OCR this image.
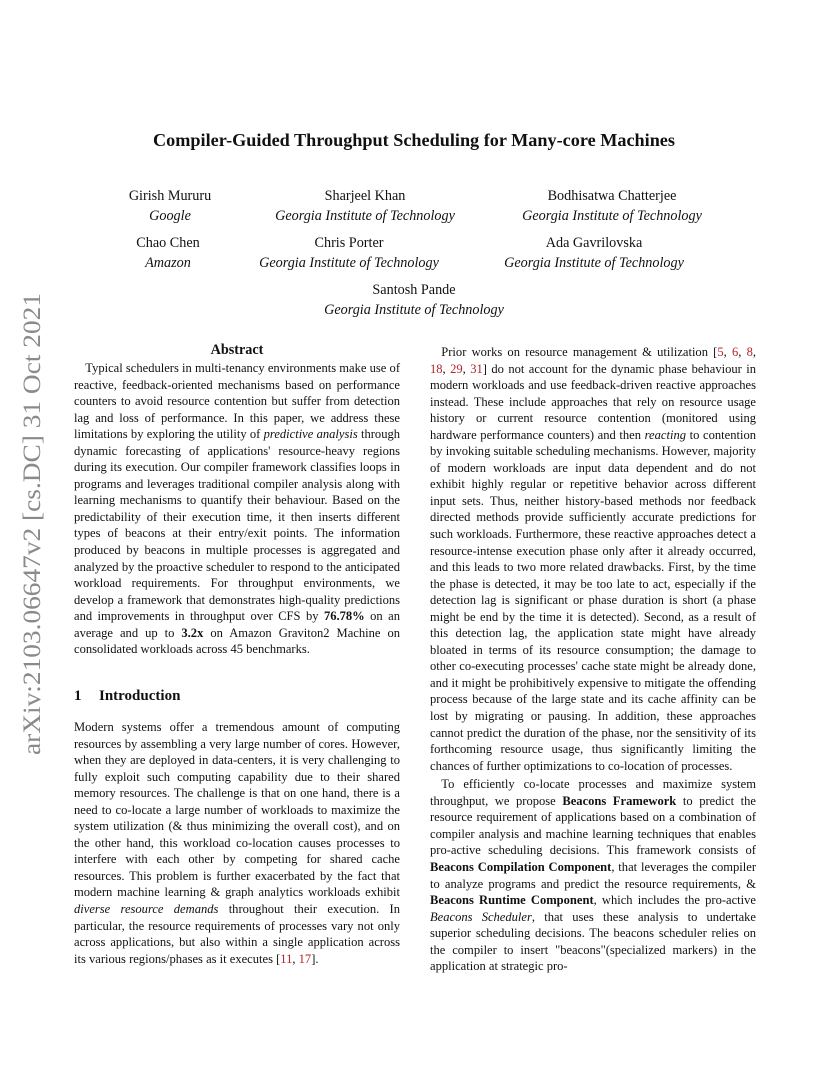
arXiv:2103.06647v2 [cs.DC] 31 Oct 2021
Compiler-Guided Throughput Scheduling for Many-core Machines
Girish Mururu
Google
Sharjeel Khan
Georgia Institute of Technology
Bodhisatwa Chatterjee
Georgia Institute of Technology
Chao Chen
Amazon
Chris Porter
Georgia Institute of Technology
Ada Gavrilovska
Georgia Institute of Technology
Santosh Pande
Georgia Institute of Technology
Abstract

Typical schedulers in multi-tenancy environments make use of reactive, feedback-oriented mechanisms based on performance counters to avoid resource contention but suffer from detection lag and loss of performance. In this paper, we address these limitations by exploring the utility of predictive analysis through dynamic forecasting of applications' resource-heavy regions during its execution. Our compiler framework classifies loops in programs and leverages traditional compiler analysis along with learning mechanisms to quantify their behaviour. Based on the predictability of their execution time, it then inserts different types of beacons at their entry/exit points. The information produced by beacons in multiple processes is aggregated and analyzed by the proactive scheduler to respond to the anticipated workload requirements. For throughput environments, we develop a framework that demonstrates high-quality predictions and improvements in throughput over CFS by 76.78% on an average and up to 3.2x on Amazon Graviton2 Machine on consolidated workloads across 45 benchmarks.

1 Introduction

Modern systems offer a tremendous amount of computing resources by assembling a very large number of cores. However, when they are deployed in data-centers, it is very challenging to fully exploit such computing capability due to their shared memory resources. The challenge is that on one hand, there is a need to co-locate a large number of workloads to maximize the system utilization (& thus minimizing the overall cost), and on the other hand, this workload co-location causes processes to interfere with each other by competing for shared cache resources. This problem is further exacerbated by the fact that modern machine learning & graph analytics workloads exhibit diverse resource demands throughout their execution. In particular, the resource requirements of processes vary not only across applications, but also within a single application across its various regions/phases as it executes [11, 17].

Prior works on resource management & utilization [5, 6, 8, 18, 29, 31] do not account for the dynamic phase behaviour in modern workloads and use feedback-driven reactive approaches instead. These include approaches that rely on resource usage history or current resource contention (monitored using hardware performance counters) and then reacting to contention by invoking suitable scheduling mechanisms. However, majority of modern workloads are input data dependent and do not exhibit highly regular or repetitive behavior across different input sets. Thus, neither history-based methods nor feedback directed methods provide sufficiently accurate predictions for such workloads. Furthermore, these reactive approaches detect a resource-intense execution phase only after it already occurred, and this leads to two more related drawbacks. First, by the time the phase is detected, it may be too late to act, especially if the detection lag is significant or phase duration is short (a phase might be end by the time it is detected). Second, as a result of this detection lag, the application state might have already bloated in terms of its resource consumption; the damage to other co-executing processes' cache state might be already done, and it might be prohibitively expensive to mitigate the offending process because of the large state and its cache affinity can be lost by migrating or pausing. In addition, these approaches cannot predict the duration of the phase, nor the sensitivity of its forthcoming resource usage, thus significantly limiting the chances of further optimizations to co-location of processes.

To efficiently co-locate processes and maximize system throughput, we propose Beacons Framework to predict the resource requirement of applications based on a combination of compiler analysis and machine learning techniques that enables pro-active scheduling decisions. This framework consists of Beacons Compilation Component, that leverages the compiler to analyze programs and predict the resource requirements, & Beacons Runtime Component, which includes the pro-active Beacons Scheduler, that uses these analysis to undertake superior scheduling decisions. The beacons scheduler relies on the compiler to insert "beacons"(specialized markers) in the application at strategic pro-
